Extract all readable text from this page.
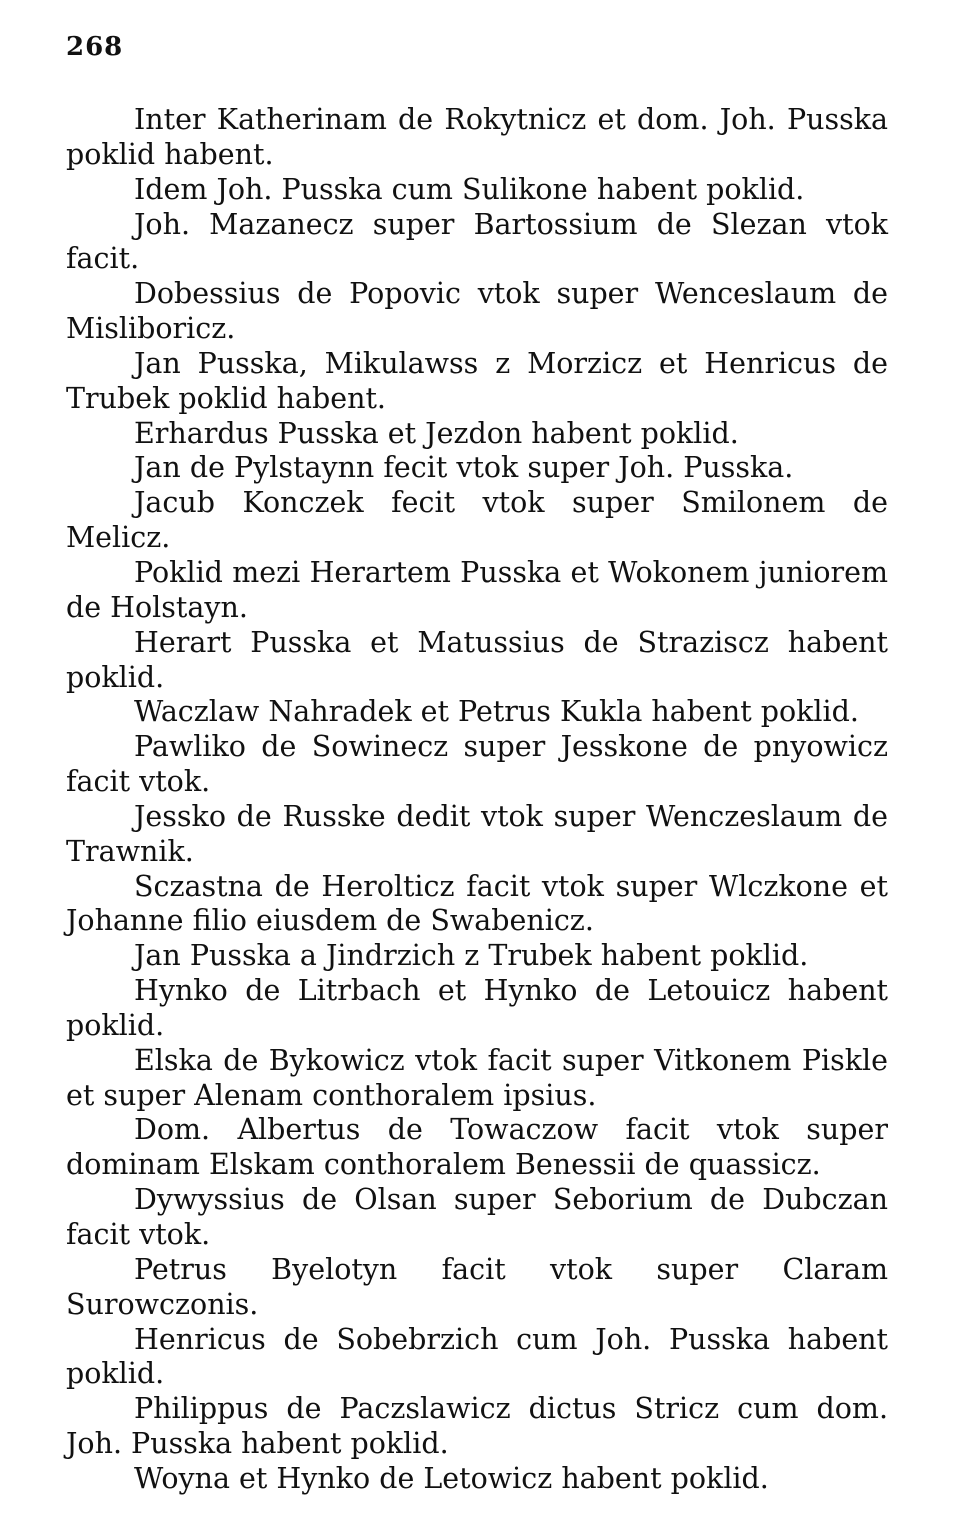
268

Inter Katherinam de Rokytnicz et dom. Joh. Pusska poklid habent.

Idem Joh. Pusska cum Sulikone habent poklid.

Joh. Mazanecz super Bartossium de Slezan vtok facit.

Dobessius de Popovic vtok super Wenceslaum de Misliboricz.

Jan Pusska, Mikulawss z Morzicz et Henricus de Trubek poklid habent.

Erhardus Pusska et Jezdon habent poklid.

Jan de Pylstaynn fecit vtok super Joh. Pusska.

Jacub Konczek fecit vtok super Smilonem de Melicz.

Poklid mezi Herartem Pusska et Wokonem juniorem de Holstayn.

Herart Pusska et Matussius de Straziscz habent poklid.

Waczlaw Nahradek et Petrus Kukla habent poklid.

Pawliko de Sowinecz super Jesskone de pnyowicz facit vtok.

Jessko de Russke dedit vtok super Wenczeslaum de Trawnik.

Sczastna de Herolticz facit vtok super Wlczkone et Johanne filio eiusdem de Swabenicz.

Jan Pusska a Jindrzich z Trubek habent poklid.

Hynko de Litrbach et Hynko de Letouicz habent poklid.

Elska de Bykowicz vtok facit super Vitkonem Piskle et super Alenam conthoralem ipsius.

Dom. Albertus de Towaczow facit vtok super dominam Elskam conthoralem Benessii de quassicz.

Dywyssius de Olsan super Seborium de Dubczan facit vtok.

Petrus Byelotyn facit vtok super Claram Surowczonis.

Henricus de Sobebrzich cum Joh. Pusska habent poklid.

Philippus de Paczslawicz dictus Stricz cum dom. Joh. Pusska habent poklid.

Woyna et Hynko de Letowicz habent poklid.
